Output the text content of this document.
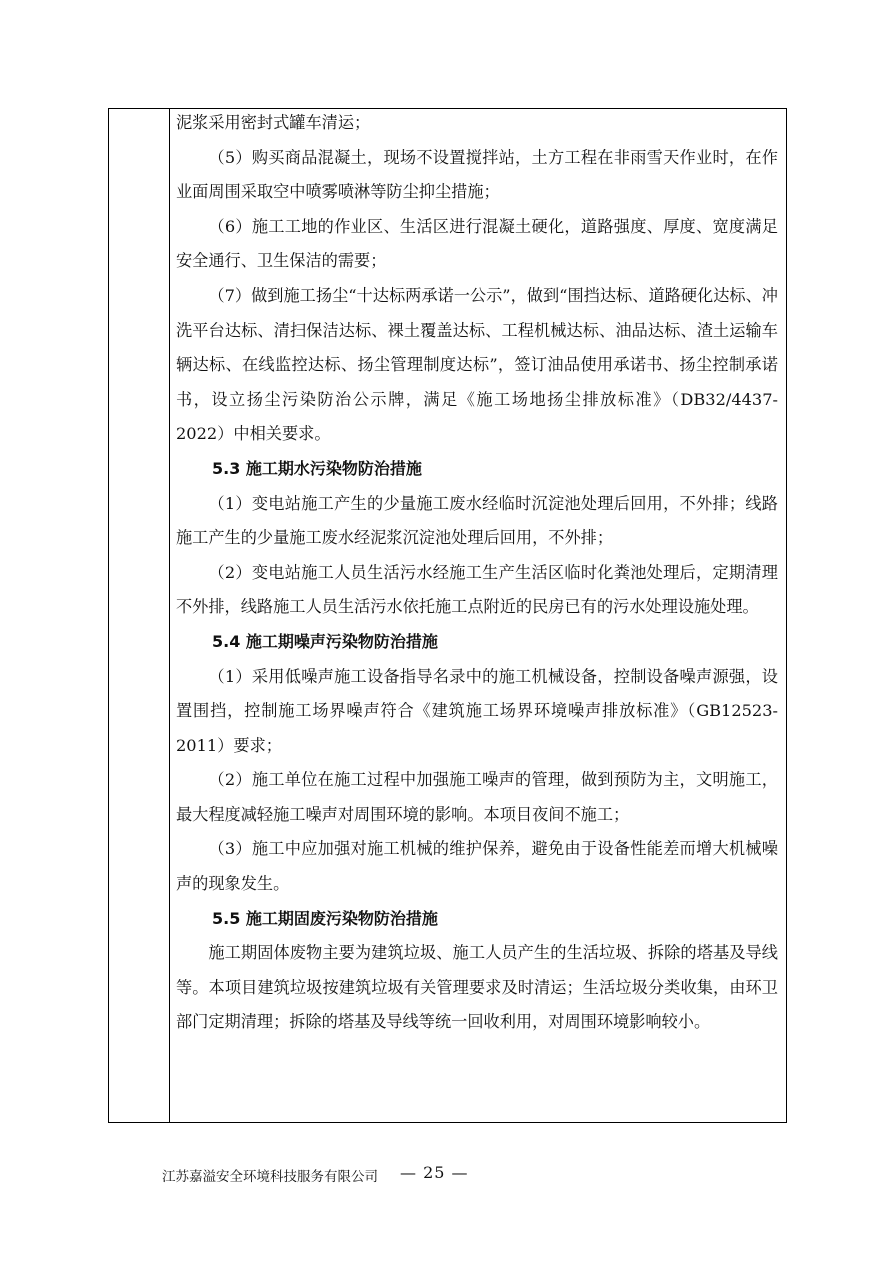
泥浆采用密封式罐车清运；

（5）购买商品混凝土，现场不设置搅拌站，土方工程在非雨雪天作业时，在作业面周围采取空中喷雾喷淋等防尘抑尘措施；

（6）施工工地的作业区、生活区进行混凝土硬化，道路强度、厚度、宽度满足安全通行、卫生保洁的需要；

（7）做到施工扬尘“十达标两承诺一公示”，做到“围挡达标、道路硬化达标、冲洗平台达标、清扫保洁达标、裸土覆盖达标、工程机械达标、油品达标、渣土运输车辆达标、在线监控达标、扬尘管理制度达标”，签订油品使用承诺书、扬尘控制承诺书，设立扬尘污染防治公示牌，满足《施工场地扬尘排放标准》（DB32/4437-2022）中相关要求。

5.3 施工期水污染物防治措施

（1）变电站施工产生的少量施工废水经临时沉淀池处理后回用，不外排；线路施工产生的少量施工废水经泥浆沉淀池处理后回用，不外排；

（2）变电站施工人员生活污水经施工生产生活区临时化粪池处理后，定期清理不外排，线路施工人员生活污水依托施工点附近的民房已有的污水处理设施处理。

5.4 施工期噪声污染物防治措施

（1）采用低噪声施工设备指导名录中的施工机械设备，控制设备噪声源强，设置围挡，控制施工场界噪声符合《建筑施工场界环境噪声排放标准》（GB12523-2011）要求；

（2）施工单位在施工过程中加强施工噪声的管理，做到预防为主，文明施工，最大程度减轻施工噪声对周围环境的影响。本项目夜间不施工；

（3）施工中应加强对施工机械的维护保养，避免由于设备性能差而增大机械噪声的现象发生。

5.5 施工期固废污染物防治措施

施工期固体废物主要为建筑垃圾、施工人员产生的生活垃圾、拆除的塔基及导线等。本项目建筑垃圾按建筑垃圾有关管理要求及时清运；生活垃圾分类收集，由环卫部门定期清理；拆除的塔基及导线等统一回收利用，对周围环境影响较小。

江苏嘉溢安全环境科技服务有限公司 — 25 —
